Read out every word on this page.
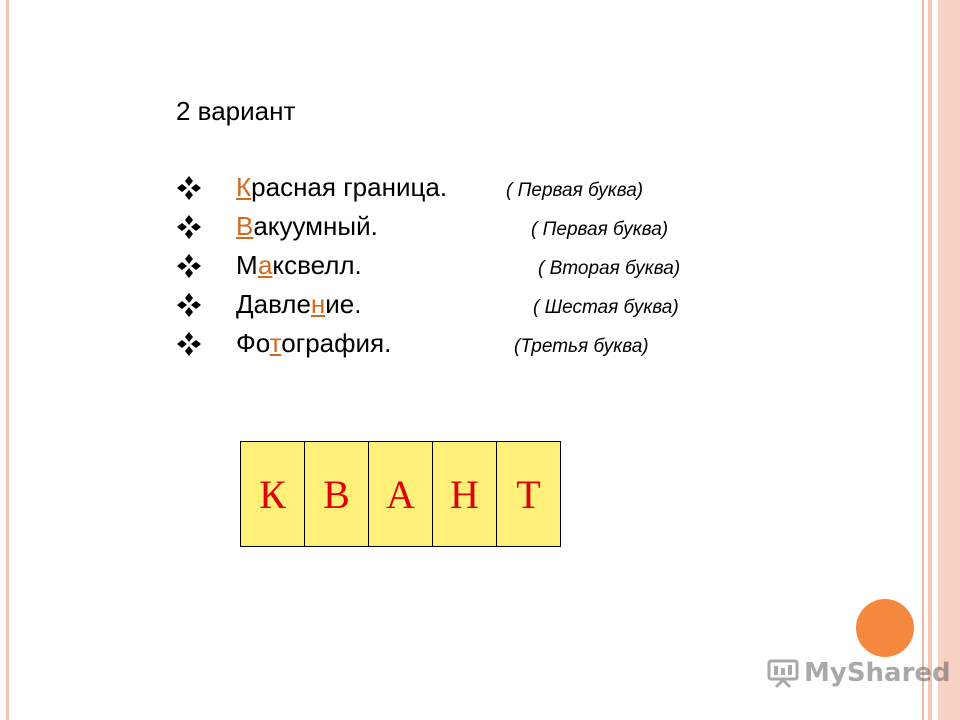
2 вариант
Красная граница.	( Первая буква)
Вакуумный.	( Первая буква)
Максвелл.	( Вторая буква)
Давление.	( Шестая буква)
Фотография.	(Третья буква)
К В А Н Т
MyShared
